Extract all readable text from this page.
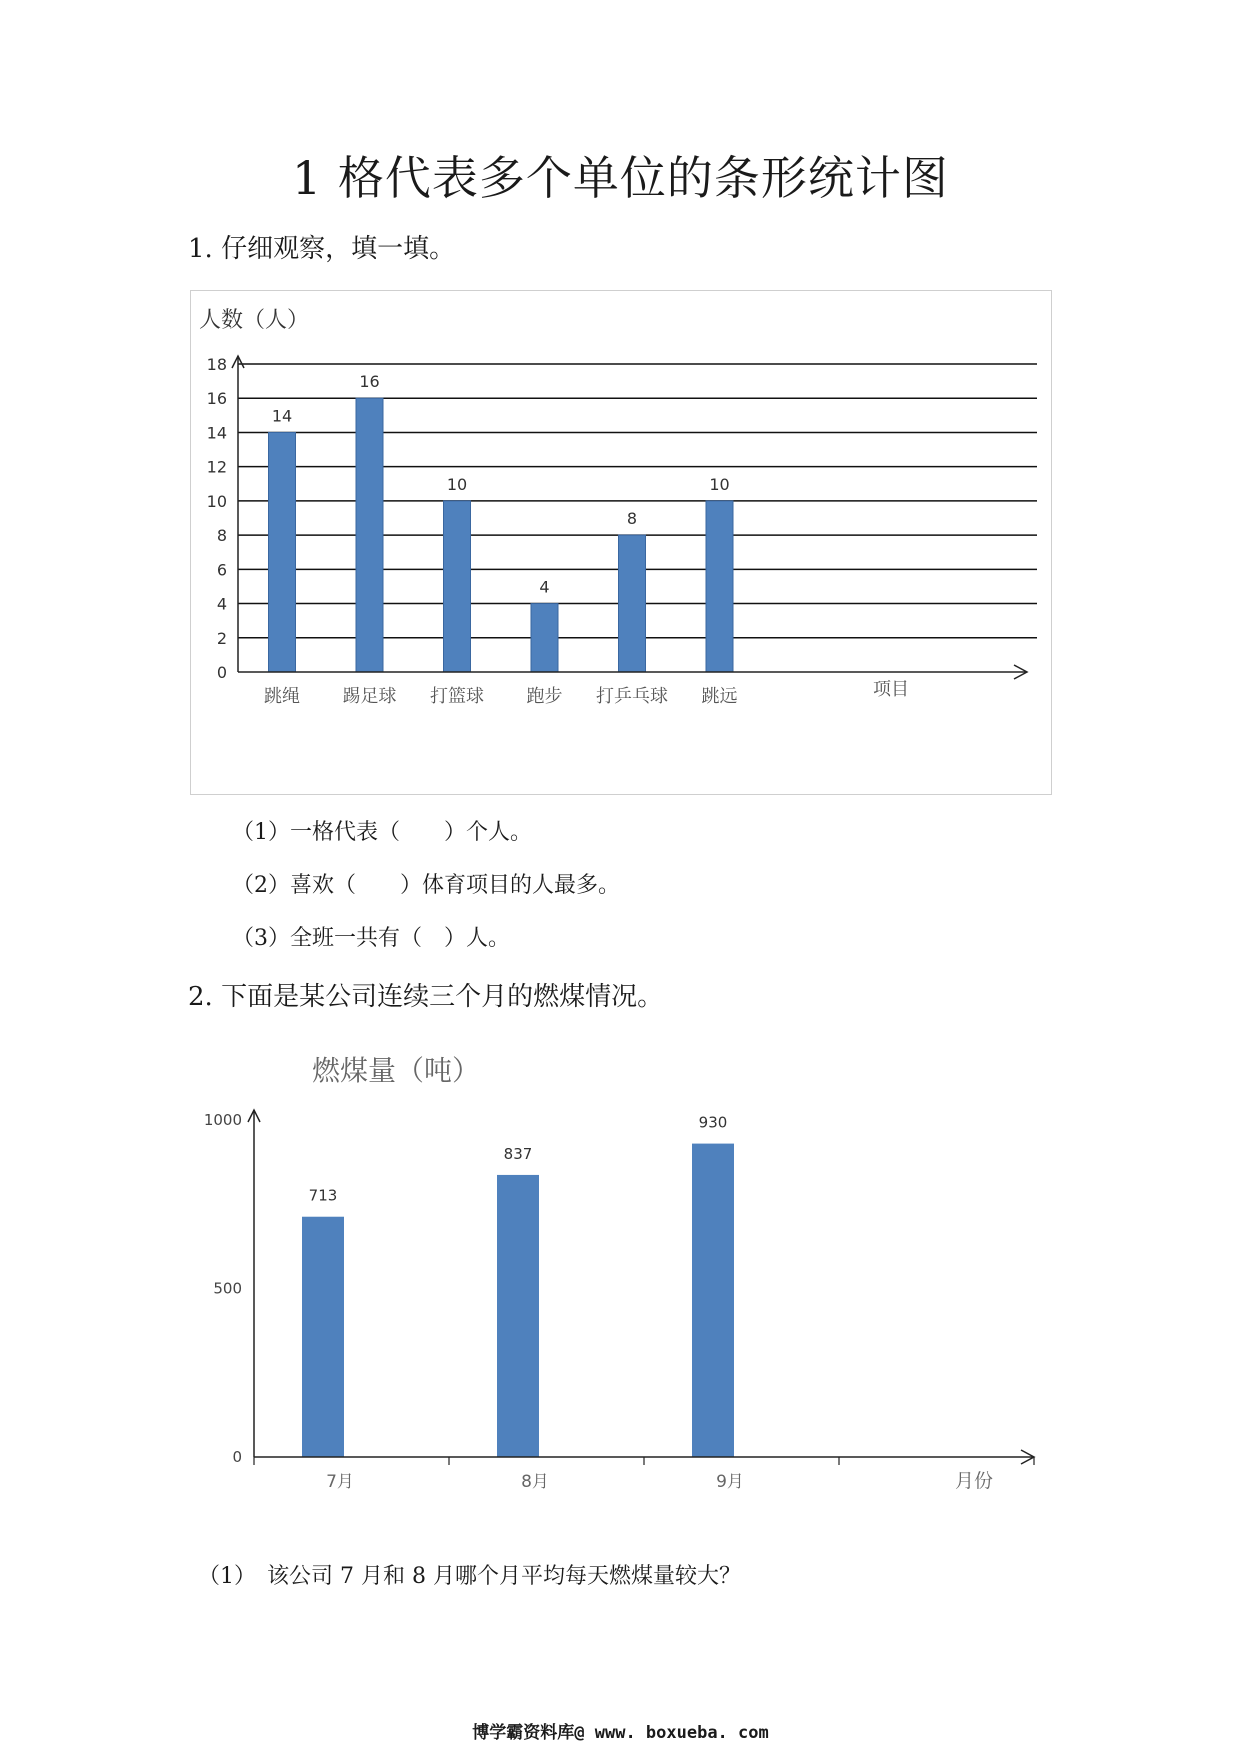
1 格代表多个单位的条形统计图
1. 仔细观察，填一填。
14
16
10
4
8
10
0
2
4
6
8
10
12
14
16
18
跳绳 踢足球 打篮球 跑步 打乒乓球 跳远
人数（人）
项目
（1）一格代表（　　）个人。
（2）喜欢（　　）体育项目的人最多。
（3）全班一共有（　）人。
2. 下面是某公司连续三个月的燃煤情况。
713
837
930
0
500
1000
7月	8月	9月
燃煤量（吨）
月份
（1）　该公司 7 月和 8 月哪个月平均每天燃煤量较大？
博学霸资料库@ www. boxueba. com
